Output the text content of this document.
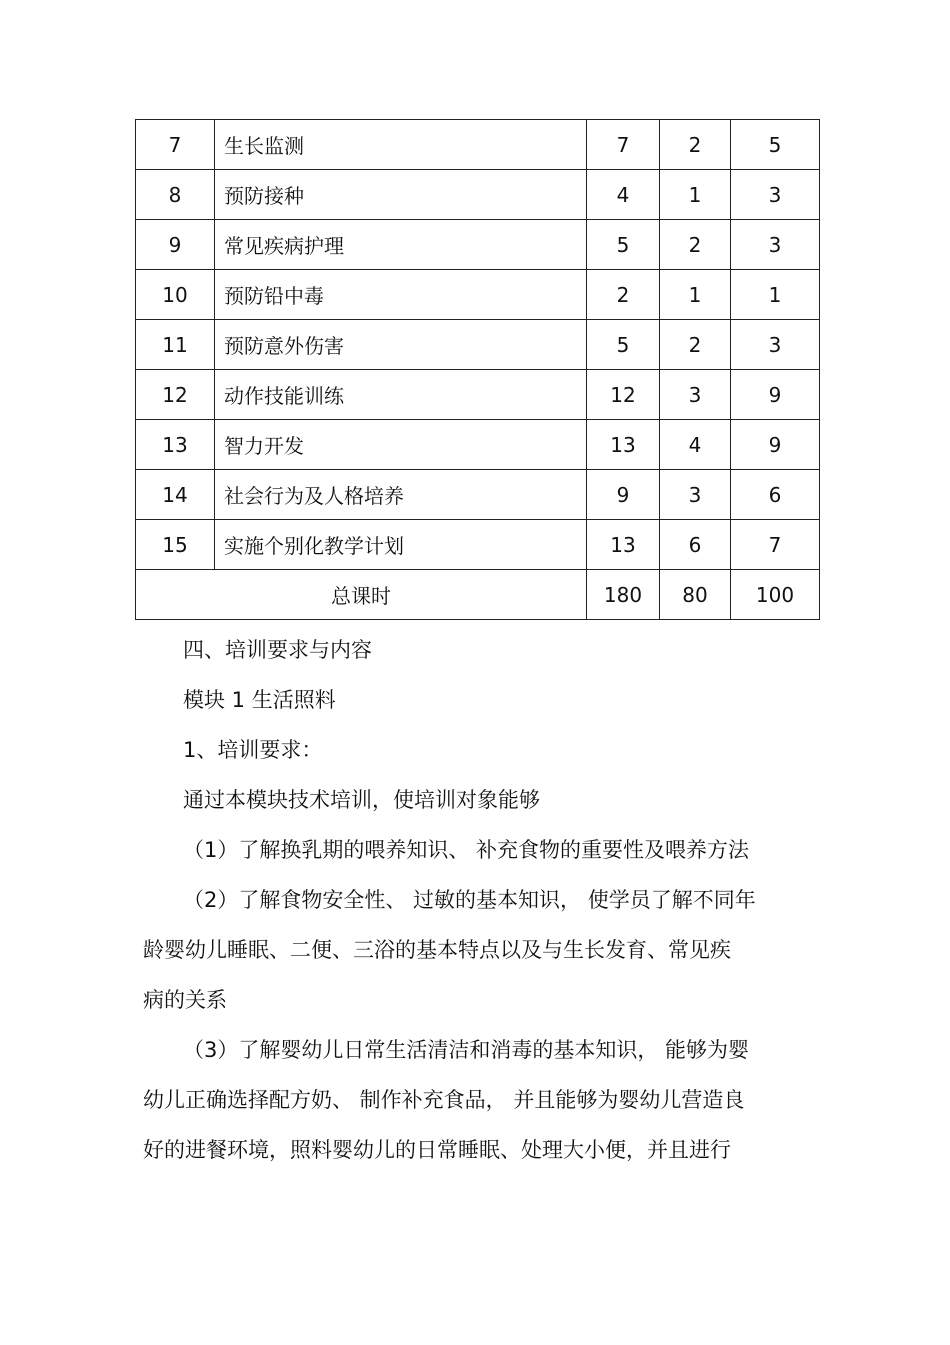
7	生长监测	7	2	5
8	预防接种	4	1	3
9	常见疾病护理	5	2	3
10	预防铅中毒	2	1	1
11	预防意外伤害	5	2	3
12	动作技能训练	12	3	9
13	智力开发	13	4	9
14	社会行为及人格培养	9	3	6
15	实施个别化教学计划	13	6	7
总课时		180	80	100
四、培训要求与内容
模块 1 生活照料
1、培训要求：
通过本模块技术培训，使培训对象能够
（1）了解换乳期的喂养知识、 补充食物的重要性及喂养方法
（2）了解食物安全性、 过敏的基本知识， 使学员了解不同年
龄婴幼儿睡眠、二便、三浴的基本特点以及与生长发育、常见疾
病的关系
（3）了解婴幼儿日常生活清洁和消毒的基本知识， 能够为婴
幼儿正确选择配方奶、 制作补充食品， 并且能够为婴幼儿营造良
好的进餐环境，照料婴幼儿的日常睡眠、处理大小便，并且进行
